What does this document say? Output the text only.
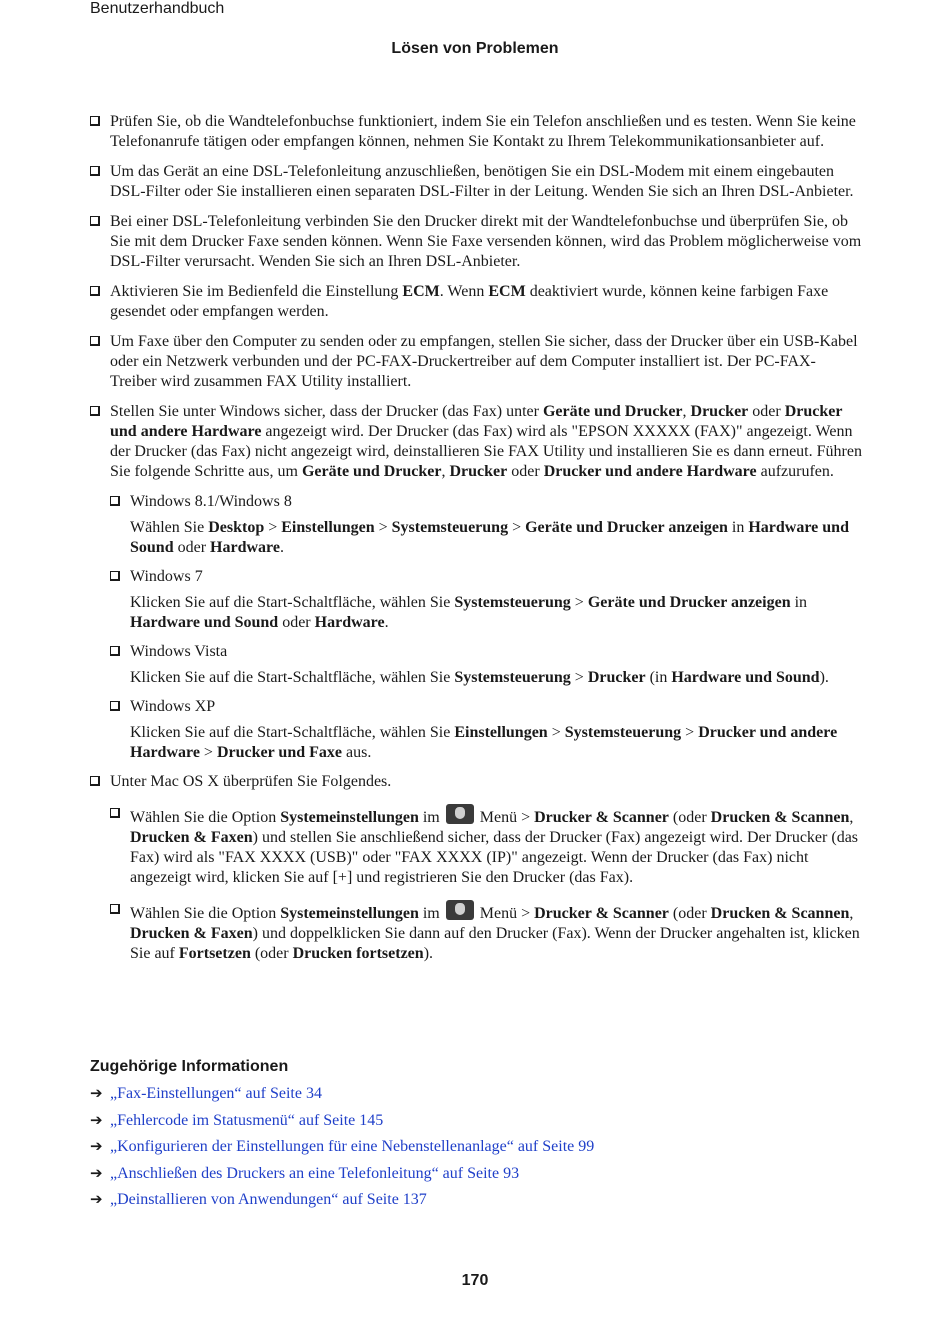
Benutzerhandbuch
Lösen von Problemen
Prüfen Sie, ob die Wandtelefonbuchse funktioniert, indem Sie ein Telefon anschließen und es testen. Wenn Sie keine Telefonanrufe tätigen oder empfangen können, nehmen Sie Kontakt zu Ihrem Telekommunikationsanbieter auf.
Um das Gerät an eine DSL-Telefonleitung anzuschließen, benötigen Sie ein DSL-Modem mit einem eingebauten DSL-Filter oder Sie installieren einen separaten DSL-Filter in der Leitung. Wenden Sie sich an Ihren DSL-Anbieter.
Bei einer DSL-Telefonleitung verbinden Sie den Drucker direkt mit der Wandtelefonbuchse und überprüfen Sie, ob Sie mit dem Drucker Faxe senden können. Wenn Sie Faxe versenden können, wird das Problem möglicherweise vom DSL-Filter verursacht. Wenden Sie sich an Ihren DSL-Anbieter.
Aktivieren Sie im Bedienfeld die Einstellung ECM. Wenn ECM deaktiviert wurde, können keine farbigen Faxe gesendet oder empfangen werden.
Um Faxe über den Computer zu senden oder zu empfangen, stellen Sie sicher, dass der Drucker über ein USB-Kabel oder ein Netzwerk verbunden und der PC-FAX-Druckertreiber auf dem Computer installiert ist. Der PC-FAX-Treiber wird zusammen FAX Utility installiert.
Stellen Sie unter Windows sicher, dass der Drucker (das Fax) unter Geräte und Drucker, Drucker oder Drucker und andere Hardware angezeigt wird. Der Drucker (das Fax) wird als "EPSON XXXXX (FAX)" angezeigt. Wenn der Drucker (das Fax) nicht angezeigt wird, deinstallieren Sie FAX Utility und installieren Sie es dann erneut. Führen Sie folgende Schritte aus, um Geräte und Drucker, Drucker oder Drucker und andere Hardware aufzurufen.
Windows 8.1/Windows 8
Wählen Sie Desktop > Einstellungen > Systemsteuerung > Geräte und Drucker anzeigen in Hardware und Sound oder Hardware.
Windows 7
Klicken Sie auf die Start-Schaltfläche, wählen Sie Systemsteuerung > Geräte und Drucker anzeigen in Hardware und Sound oder Hardware.
Windows Vista
Klicken Sie auf die Start-Schaltfläche, wählen Sie Systemsteuerung > Drucker (in Hardware und Sound).
Windows XP
Klicken Sie auf die Start-Schaltfläche, wählen Sie Einstellungen > Systemsteuerung > Drucker und andere Hardware > Drucker und Faxe aus.
Unter Mac OS X überprüfen Sie Folgendes.
Wählen Sie die Option Systemeinstellungen im  Menü > Drucker & Scanner (oder Drucken & Scannen, Drucken & Faxen) und stellen Sie anschließend sicher, dass der Drucker (Fax) angezeigt wird. Der Drucker (das Fax) wird als "FAX XXXX (USB)" oder "FAX XXXX (IP)" angezeigt. Wenn der Drucker (das Fax) nicht angezeigt wird, klicken Sie auf [+] und registrieren Sie den Drucker (das Fax).
Wählen Sie die Option Systemeinstellungen im  Menü > Drucker & Scanner (oder Drucken & Scannen, Drucken & Faxen) und doppelklicken Sie dann auf den Drucker (Fax). Wenn der Drucker angehalten ist, klicken Sie auf Fortsetzen (oder Drucken fortsetzen).
Zugehörige Informationen
➔ „Fax-Einstellungen“ auf Seite 34
➔ „Fehlercode im Statusmenü“ auf Seite 145
➔ „Konfigurieren der Einstellungen für eine Nebenstellenanlage“ auf Seite 99
➔ „Anschließen des Druckers an eine Telefonleitung“ auf Seite 93
➔ „Deinstallieren von Anwendungen“ auf Seite 137
170
